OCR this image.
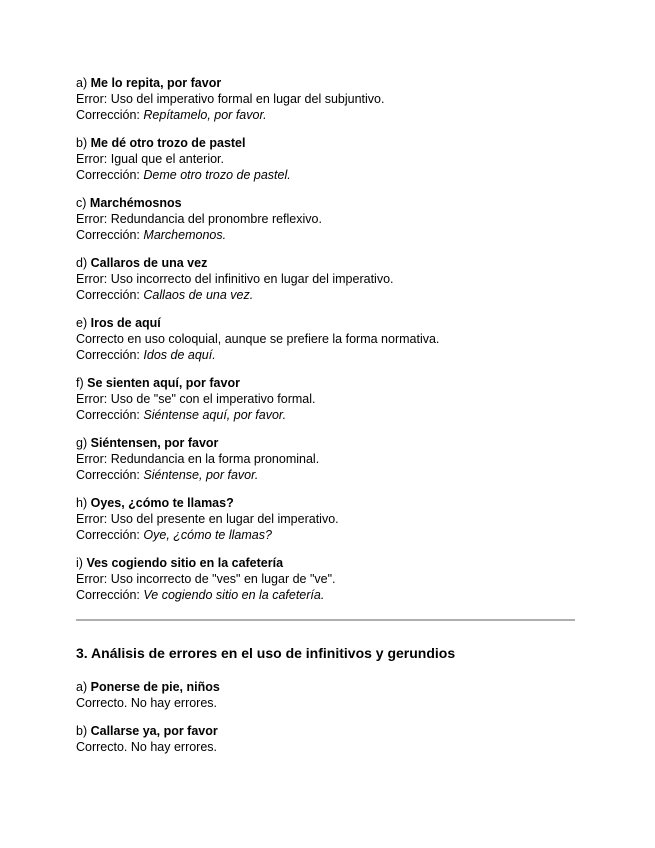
a) Me lo repita, por favor
Error: Uso del imperativo formal en lugar del subjuntivo.
Corrección: Repítamelo, por favor.
b) Me dé otro trozo de pastel
Error: Igual que el anterior.
Corrección: Deme otro trozo de pastel.
c) Marchémosnos
Error: Redundancia del pronombre reflexivo.
Corrección: Marchemonos.
d) Callaros de una vez
Error: Uso incorrecto del infinitivo en lugar del imperativo.
Corrección: Callaos de una vez.
e) Iros de aquí
Correcto en uso coloquial, aunque se prefiere la forma normativa.
Corrección: Idos de aquí.
f) Se sienten aquí, por favor
Error: Uso de "se" con el imperativo formal.
Corrección: Siéntense aquí, por favor.
g) Siéntensen, por favor
Error: Redundancia en la forma pronominal.
Corrección: Siéntense, por favor.
h) Oyes, ¿cómo te llamas?
Error: Uso del presente en lugar del imperativo.
Corrección: Oye, ¿cómo te llamas?
i) Ves cogiendo sitio en la cafetería
Error: Uso incorrecto de "ves" en lugar de "ve".
Corrección: Ve cogiendo sitio en la cafetería.
3. Análisis de errores en el uso de infinitivos y gerundios
a) Ponerse de pie, niños
Correcto. No hay errores.
b) Callarse ya, por favor
Correcto. No hay errores.
